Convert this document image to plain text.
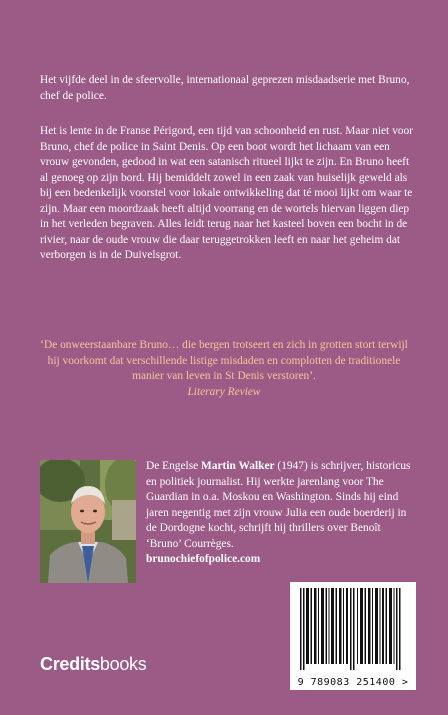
Het vijfde deel in de sfeervolle, internationaal geprezen misdaadserie met Bruno, chef de police.

Het is lente in de Franse Périgord, een tijd van schoonheid en rust. Maar niet voor Bruno, chef de police in Saint Denis. Op een boot wordt het lichaam van een vrouw gevonden, gedood in wat een satanisch ritueel lijkt te zijn. En Bruno heeft al genoeg op zijn bord. Hij bemiddelt zowel in een zaak van huiselijk geweld als bij een bedenkelijk voorstel voor lokale ontwikkeling dat té mooi lijkt om waar te zijn. Maar een moordzaak heeft altijd voorrang en de wortels hiervan liggen diep in het verleden begraven. Alles leidt terug naar het kasteel boven een bocht in de rivier, naar de oude vrouw die daar teruggetrokken leeft en naar het geheim dat verborgen is in de Duivelsgrot.

‘De onweerstaanbare Bruno… die bergen trotseert en zich in grotten stort terwijl hij voorkomt dat verschillende listige misdaden en complotten de traditionele manier van leven in St Denis verstoren’.

Literary Review

De Engelse Martin Walker (1947) is schrijver, historicus en politiek journalist. Hij werkte jarenlang voor The Guardian in o.a. Moskou en Washington. Sinds hij eind jaren negentig met zijn vrouw Julia een oude boerderij in de Dordogne kocht, schrijft hij thrillers over Benoît ‘Bruno’ Courrèges.
brunochiefofpolice.com

9 789083 251400 >
Creditsbooks
